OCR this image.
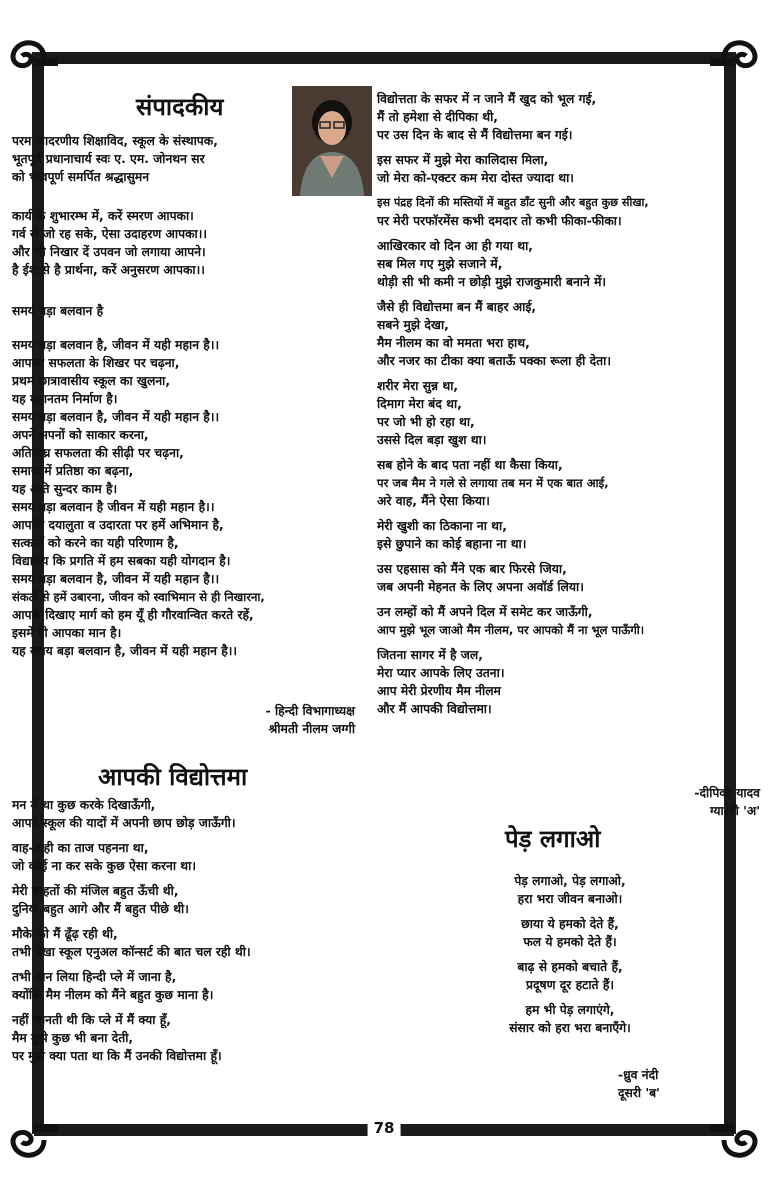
78
संपादकीय
परम आदरणीय शिक्षाविद, स्कूल के संस्थापक,
भूतपूर्व प्रधानाचार्य स्वः ए. एम. जोनथन सर
को भावपूर्ण समर्पित श्रद्धासुमन
कार्य के शुभारम्भ में, करें स्मरण आपका।
गर्व से जो रह सके, ऐसा उदाहरण आपका।।
और भी निखार दें उपवन जो लगाया आपने।
है ईश से है प्रार्थना, करें अनुसरण आपका।।
समय बड़ा बलवान है
समय बड़ा बलवान है, जीवन में यही महान है।।
आपका सफलता के शिखर पर चढ़ना,
प्रथम छात्रावासीय स्कूल का खुलना,
यह महानतम निर्माण है।
समय बड़ा बलवान है, जीवन में यही महान है।।
अपने सपनों को साकार करना,
अतिशीघ्र सफलता की सीढ़ी पर चढ़ना,
समाज में प्रतिष्ठा का बढ़ना,
यह अति सुन्दर काम है।
समय बड़ा बलवान है जीवन में यही महान है।।
आपकी दयालुता व उदारता पर हमें अभिमान है,
सत्कर्मों को करने का यही परिणाम है,
विद्यालय कि प्रगति में हम सबका यही योगदान है।
समय बड़ा बलवान है, जीवन में यही महान है।।
संकटों से हमें उबारना, जीवन को स्वाभिमान से ही निखारना,
आपके दिखाए मार्ग को हम यूँ ही गौरवान्वित करते रहें,
इसमें ही आपका मान है।
यह समय बड़ा बलवान है, जीवन में यही महान है।।
- हिन्दी विभागाध्यक्ष
श्रीमती नीलम जग्गी
आपकी विद्योत्तमा

मन में था कुछ करके दिखाऊँगी,
आपने स्कूल की यादों में अपनी छाप छोड़ जाऊँगी।

वाह-वाही का ताज पहनना था,
जो कोई ना कर सके कुछ ऐसा करना था।

मेरी चाहतों की मंजिल बहुत ऊँची थी,
दुनिया बहुत आगे और मैं बहुत पीछे थी।

मौके को मैं ढूँढ़ रही थी,
तभी देखा स्कूल एनुअल कॉन्सर्ट की बात चल रही थी।

तभी ठान लिया हिन्दी प्ले में जाना है,
क्योंकि मैम नीलम को मैंने बहुत कुछ माना है।

नहीं जानती थी कि प्ले में मैं क्या हूँ,
मैम मुझे कुछ भी बना देती,
पर मुझे क्या पता था कि मैं उनकी विद्योत्तमा हूँ।

विद्योत्तता के सफर में न जाने मैं खुद को भूल गई,
मैं तो हमेशा से दीपिका थी,
पर उस दिन के बाद से मैं विद्योत्तमा बन गई।

इस सफर में मुझे मेरा कालिदास मिला,
जो मेरा को-एक्टर कम मेरा दोस्त ज्यादा था।

इस पंद्रह दिनों की मस्तियों में बहुत डाँट सुनी और बहुत कुछ सीखा,
पर मेरी परफॉरमेंस कभी दमदार तो कभी फीका-फीका।

आखिरकार वो दिन आ ही गया था,
सब मिल गए मुझे सजाने में,
थोड़ी सी भी कमी न छोड़ी मुझे राजकुमारी बनाने में।

जैसे ही विद्योत्तमा बन मैं बाहर आई,
सबने मुझे देखा,
मैम नीलम का वो ममता भरा हाथ,
और नजर का टीका क्या बताऊँ पक्का रूला ही देता।

शरीर मेरा सुन्न था,
दिमाग मेरा बंद था,
पर जो भी हो रहा था,
उससे दिल बड़ा खुश था।

सब होने के बाद पता नहीं था कैसा किया,
पर जब मैम ने गले से लगाया तब मन में एक बात आई,
अरे वाह, मैंने ऐसा किया।

मेरी खुशी का ठिकाना ना था,
इसे छुपाने का कोई बहाना ना था।

उस एहसास को मैंने एक बार फिरसे जिया,
जब अपनी मेहनत के लिए अपना अवॉर्ड लिया।

उन लम्हों को मैं अपने दिल में समेट कर जाऊँगी,
आप मुझे भूल जाओ मैम नीलम, पर आपको मैं ना भूल पाऊँगी।

जितना सागर में है जल,
मेरा प्यार आपके लिए उतना।
आप मेरी प्रेरणीय मैम नीलम
और मैं आपकी विद्योत्तमा।

-दीपिका यादव
ग्यारवी 'अ'
पेड़ लगाओ

पेड़ लगाओ, पेड़ लगाओ,
हरा भरा जीवन बनाओ।

छाया ये हमको देते हैं,
फल ये हमको देते हैं।

बाढ़ से हमको बचाते हैं,
प्रदूषण दूर हटाते हैं।

हम भी पेड़ लगाएंगे,
संसार को हरा भरा बनाएँगे।

-ध्रुव नंदी
दूसरी 'ब'
